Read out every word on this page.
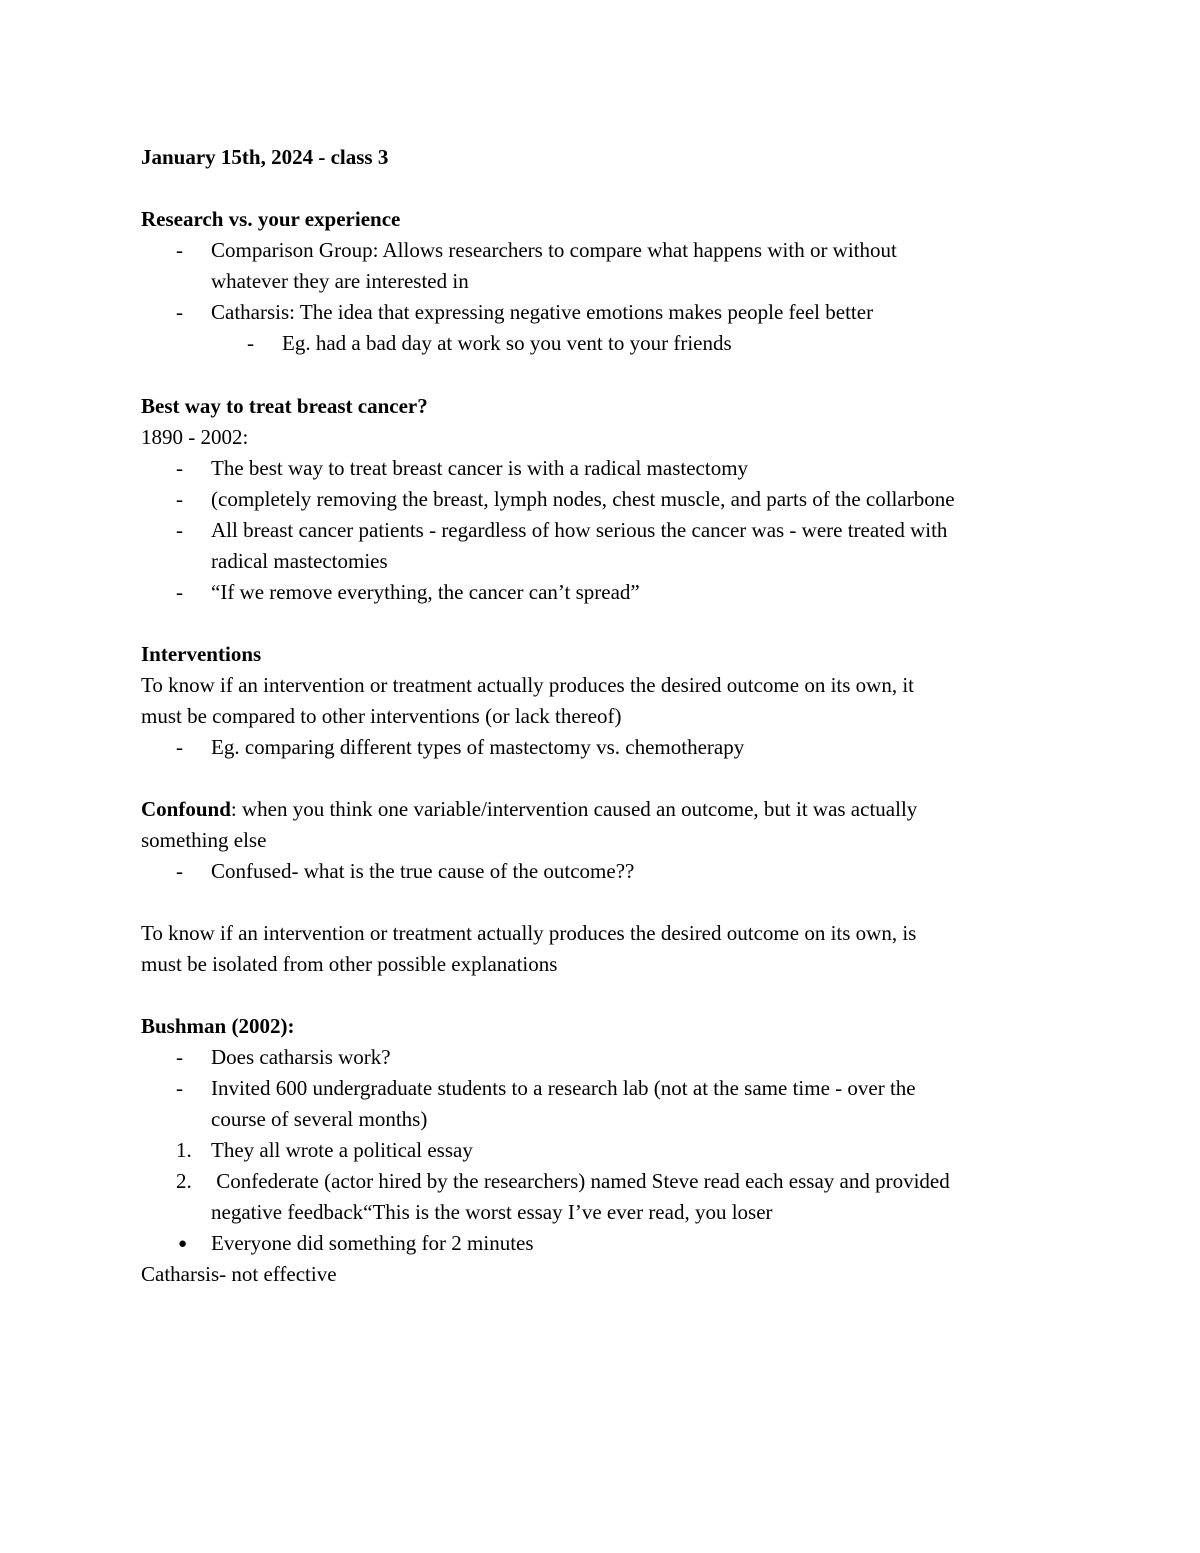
January 15th, 2024 - class 3
Research vs. your experience
- Comparison Group: Allows researchers to compare what happens with or without
whatever they are interested in
- Catharsis: The idea that expressing negative emotions makes people feel better
- Eg. had a bad day at work so you vent to your friends
Best way to treat breast cancer?
1890 - 2002:
- The best way to treat breast cancer is with a radical mastectomy
- (completely removing the breast, lymph nodes, chest muscle, and parts of the collarbone
- All breast cancer patients - regardless of how serious the cancer was - were treated with
radical mastectomies
- “If we remove everything, the cancer can’t spread”
Interventions
To know if an intervention or treatment actually produces the desired outcome on its own, it
must be compared to other interventions (or lack thereof)
- Eg. comparing different types of mastectomy vs. chemotherapy
Confound: when you think one variable/intervention caused an outcome, but it was actually
something else
- Confused- what is the true cause of the outcome??
To know if an intervention or treatment actually produces the desired outcome on its own, is
must be isolated from other possible explanations
Bushman (2002):
- Does catharsis work?
- Invited 600 undergraduate students to a research lab (not at the same time - over the
course of several months)
1. They all wrote a political essay
2. Confederate (actor hired by the researchers) named Steve read each essay and provided
negative feedback“This is the worst essay I’ve ever read, you loser
● Everyone did something for 2 minutes
Catharsis- not effective
